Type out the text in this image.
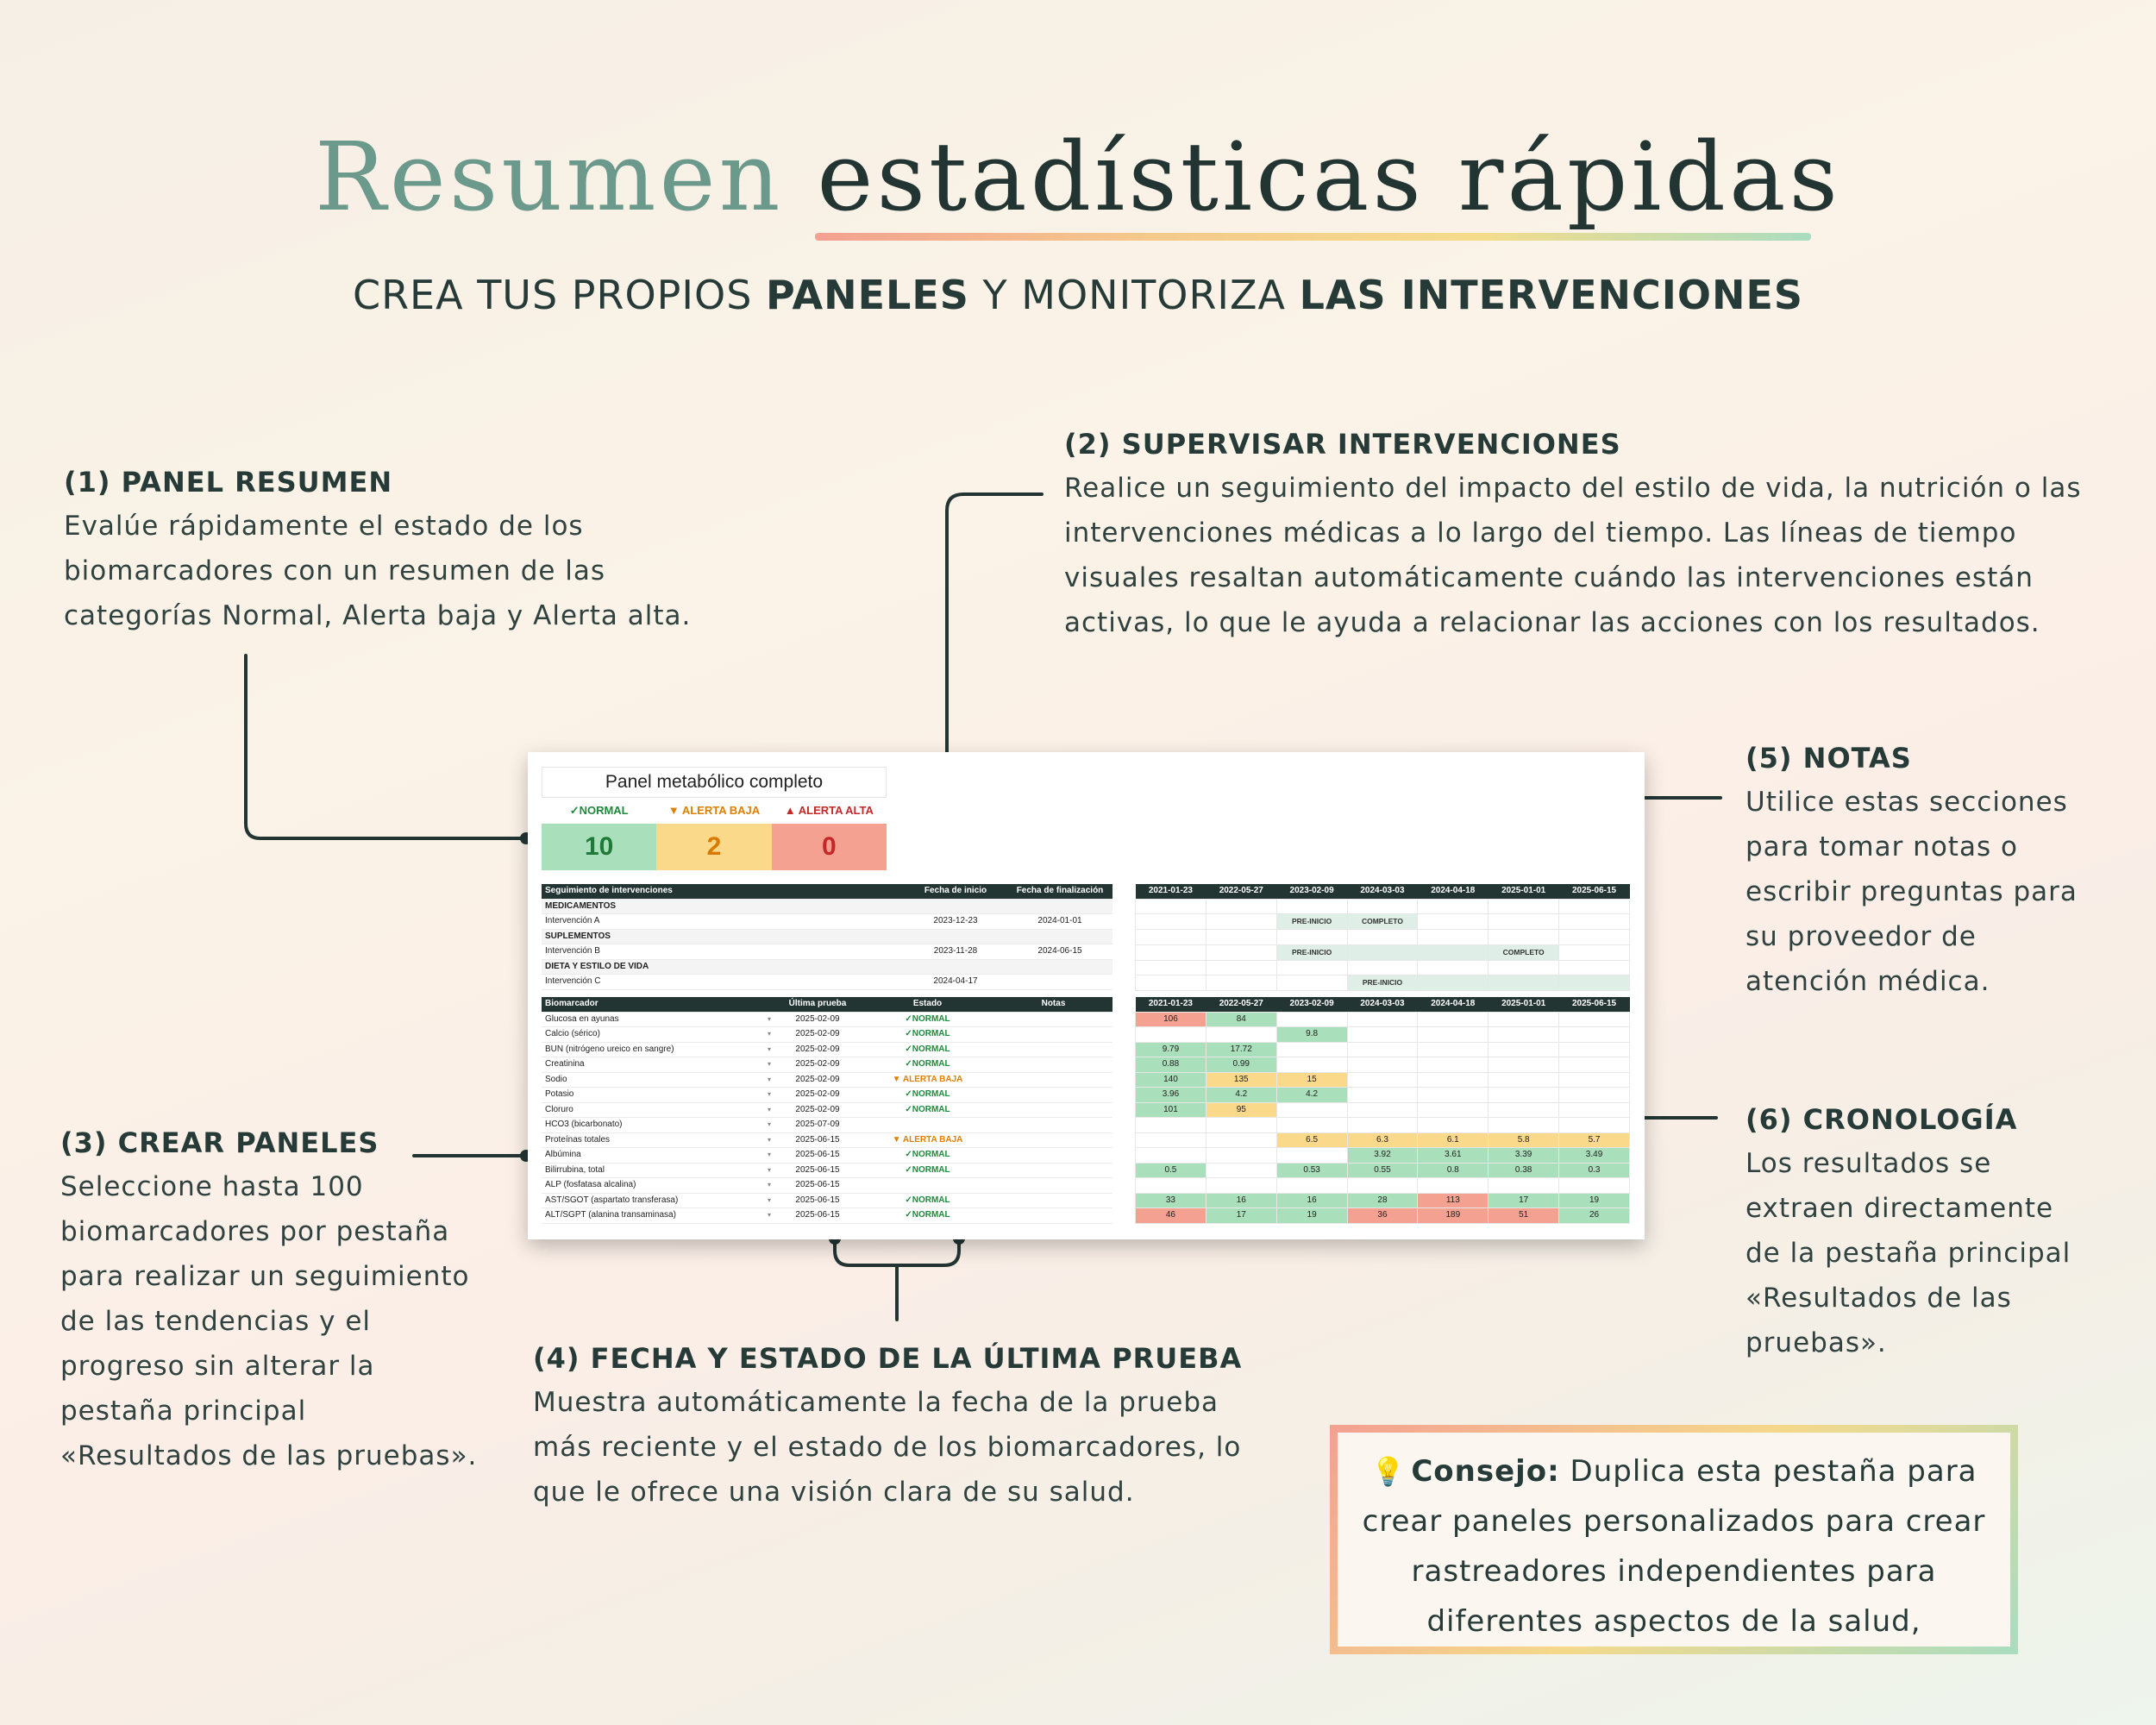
Resumen estadísticas rápidas
CREA TUS PROPIOS PANELES Y MONITORIZA LAS INTERVENCIONES
(1) PANEL RESUMEN
Evalúe rápidamente el estado de los
biomarcadores con un resumen de las
categorías Normal, Alerta baja y Alerta alta.
(2) SUPERVISAR INTERVENCIONES
Realice un seguimiento del impacto del estilo de vida, la nutrición o las
intervenciones médicas a lo largo del tiempo. Las líneas de tiempo
visuales resaltan automáticamente cuándo las intervenciones están
activas, lo que le ayuda a relacionar las acciones con los resultados.
(3) CREAR PANELES
Seleccione hasta 100
biomarcadores por pestaña
para realizar un seguimiento
de las tendencias y el
progreso sin alterar la
pestaña principal
«Resultados de las pruebas».
(4) FECHA Y ESTADO DE LA ÚLTIMA PRUEBA
Muestra automáticamente la fecha de la prueba
más reciente y el estado de los biomarcadores, lo
que le ofrece una visión clara de su salud.
(5) NOTAS
Utilice estas secciones
para tomar notas o
escribir preguntas para
su proveedor de
atención médica.
(6) CRONOLOGÍA
Los resultados se
extraen directamente
de la pestaña principal
«Resultados de las
pruebas».
Panel metabólico completo
✓NORMAL	▼ ALERTA BAJA	▲ ALERTA ALTA
10	2	0
Seguimiento de intervenciones	Fecha de inicio	Fecha de finalización
MEDICAMENTOS		
Intervención A	2023-12-23	2024-01-01
SUPLEMENTOS		
Intervención B	2023-11-28	2024-06-15
DIETA Y ESTILO DE VIDA		
Intervención C	2024-04-17	
2021-01-23	2022-05-27	2023-02-09	2024-03-03	2024-04-18	2025-01-01	2025-06-15

		PRE-INICIO	COMPLETO			

		PRE-INICIO			COMPLETO	

			PRE-INICIO			
Biomarcador	Última prueba	Estado	Notas
Glucosa en ayunas ▾	2025-02-09	✓NORMAL	
Calcio (sérico) ▾	2025-02-09	✓NORMAL	
BUN (nitrógeno ureico en sangre) ▾	2025-02-09	✓NORMAL	
Creatinina ▾	2025-02-09	✓NORMAL	
Sodio ▾	2025-02-09	▼ ALERTA BAJA	
Potasio ▾	2025-02-09	✓NORMAL	
Cloruro ▾	2025-02-09	✓NORMAL	
HCO3 (bicarbonato) ▾	2025-07-09		
Proteínas totales ▾	2025-06-15	▼ ALERTA BAJA	
Albúmina ▾	2025-06-15	✓NORMAL	
Bilirrubina, total ▾	2025-06-15	✓NORMAL	
ALP (fosfatasa alcalina) ▾	2025-06-15		
AST/SGOT (aspartato transferasa) ▾	2025-06-15	✓NORMAL	
ALT/SGPT (alanina transaminasa) ▾	2025-06-15	✓NORMAL	
2021-01-23	2022-05-27	2023-02-09	2024-03-03	2024-04-18	2025-01-01	2025-06-15
106	84					
		9.8				
9.79	17.72					
0.88	0.99					
140	135	15				
3.96	4.2	4.2				
101	95					

		6.5	6.3	6.1	5.8	5.7
			3.92	3.61	3.39	3.49
0.5		0.53	0.55	0.8	0.38	0.3

33	16	16	28	113	17	19
46	17	19	36	189	51	26
💡 Consejo: Duplica esta pestaña para
crear paneles personalizados para crear
rastreadores independientes para
diferentes aspectos de la salud,
